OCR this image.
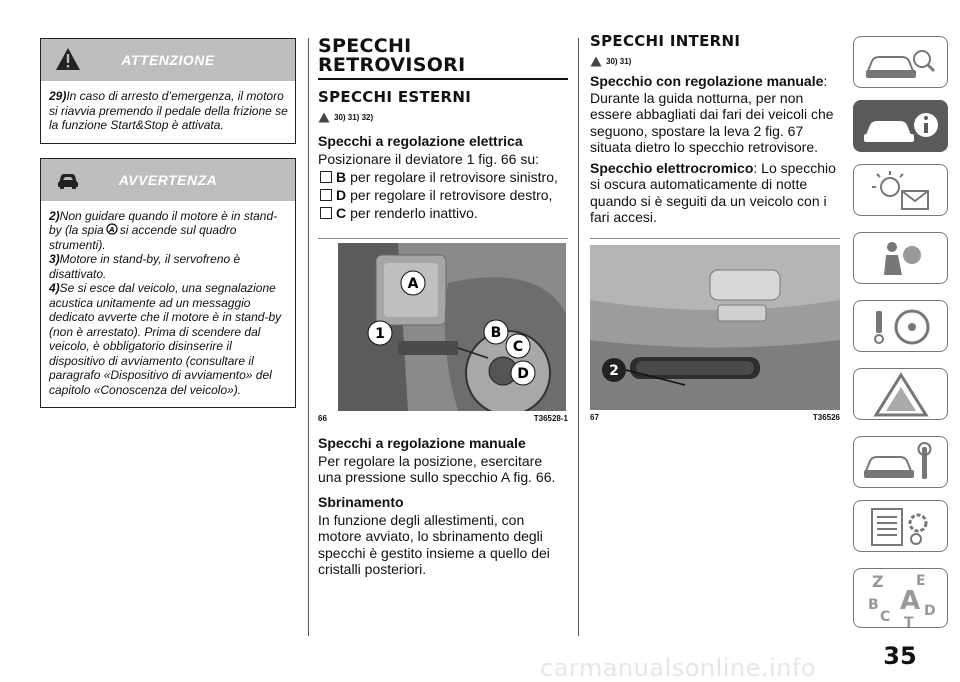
ATTENZIONE

29)In caso di arresto d’emergenza, il motoro si riavvia premendo il pedale della frizione se la funzione Start&Stop è attivata.

AVVERTENZA

2)Non guidare quando il motore è in stand-by (la spia A si accende sul quadro strumenti).

3)Motore in stand-by, il servofreno è disattivato.

4)Se si esce dal veicolo, una segnalazione acustica unitamente ad un messaggio dedicato avverte che il motore è in stand-by (non è arrestato). Prima di scendere dal veicolo, è obbligatorio disinserire il dispositivo di avviamento (consultare il paragrafo «Dispositivo di avviamento» del capitolo «Conoscenza del veicolo»).

SPECCHI
RETROVISORI
SPECCHI ESTERNI
30) 31) 32)
Specchi a regolazione elettrica

Posizionare il deviatore 1 fig. 66 su:

B per regolare il retrovisore sinistro,
D per regolare il retrovisore destro,
C per renderlo inattivo.
A
1	B
C
D
66	T36528-1
Specchi a regolazione manuale

Per regolare la posizione, esercitare una pressione sullo specchio A fig. 66.

Sbrinamento

In funzione degli allestimenti, con motore avviato, lo sbrinamento degli specchi è gestito insieme a quello dei cristalli posteriori.

SPECCHI INTERNI
30) 31)

Specchio con regolazione manuale: Durante la guida notturna, per non essere abbagliati dai fari dei veicoli che seguono, spostare la leva 2 fig. 67 situata dietro lo specchio retrovisore.

Specchio elettrocromico: Lo specchio si oscura automaticamente di notte quando si è seguiti da un veicolo con i fari accesi.

2
67	T36526
Z E
B A
C D
T
35
carmanualsonline.info
